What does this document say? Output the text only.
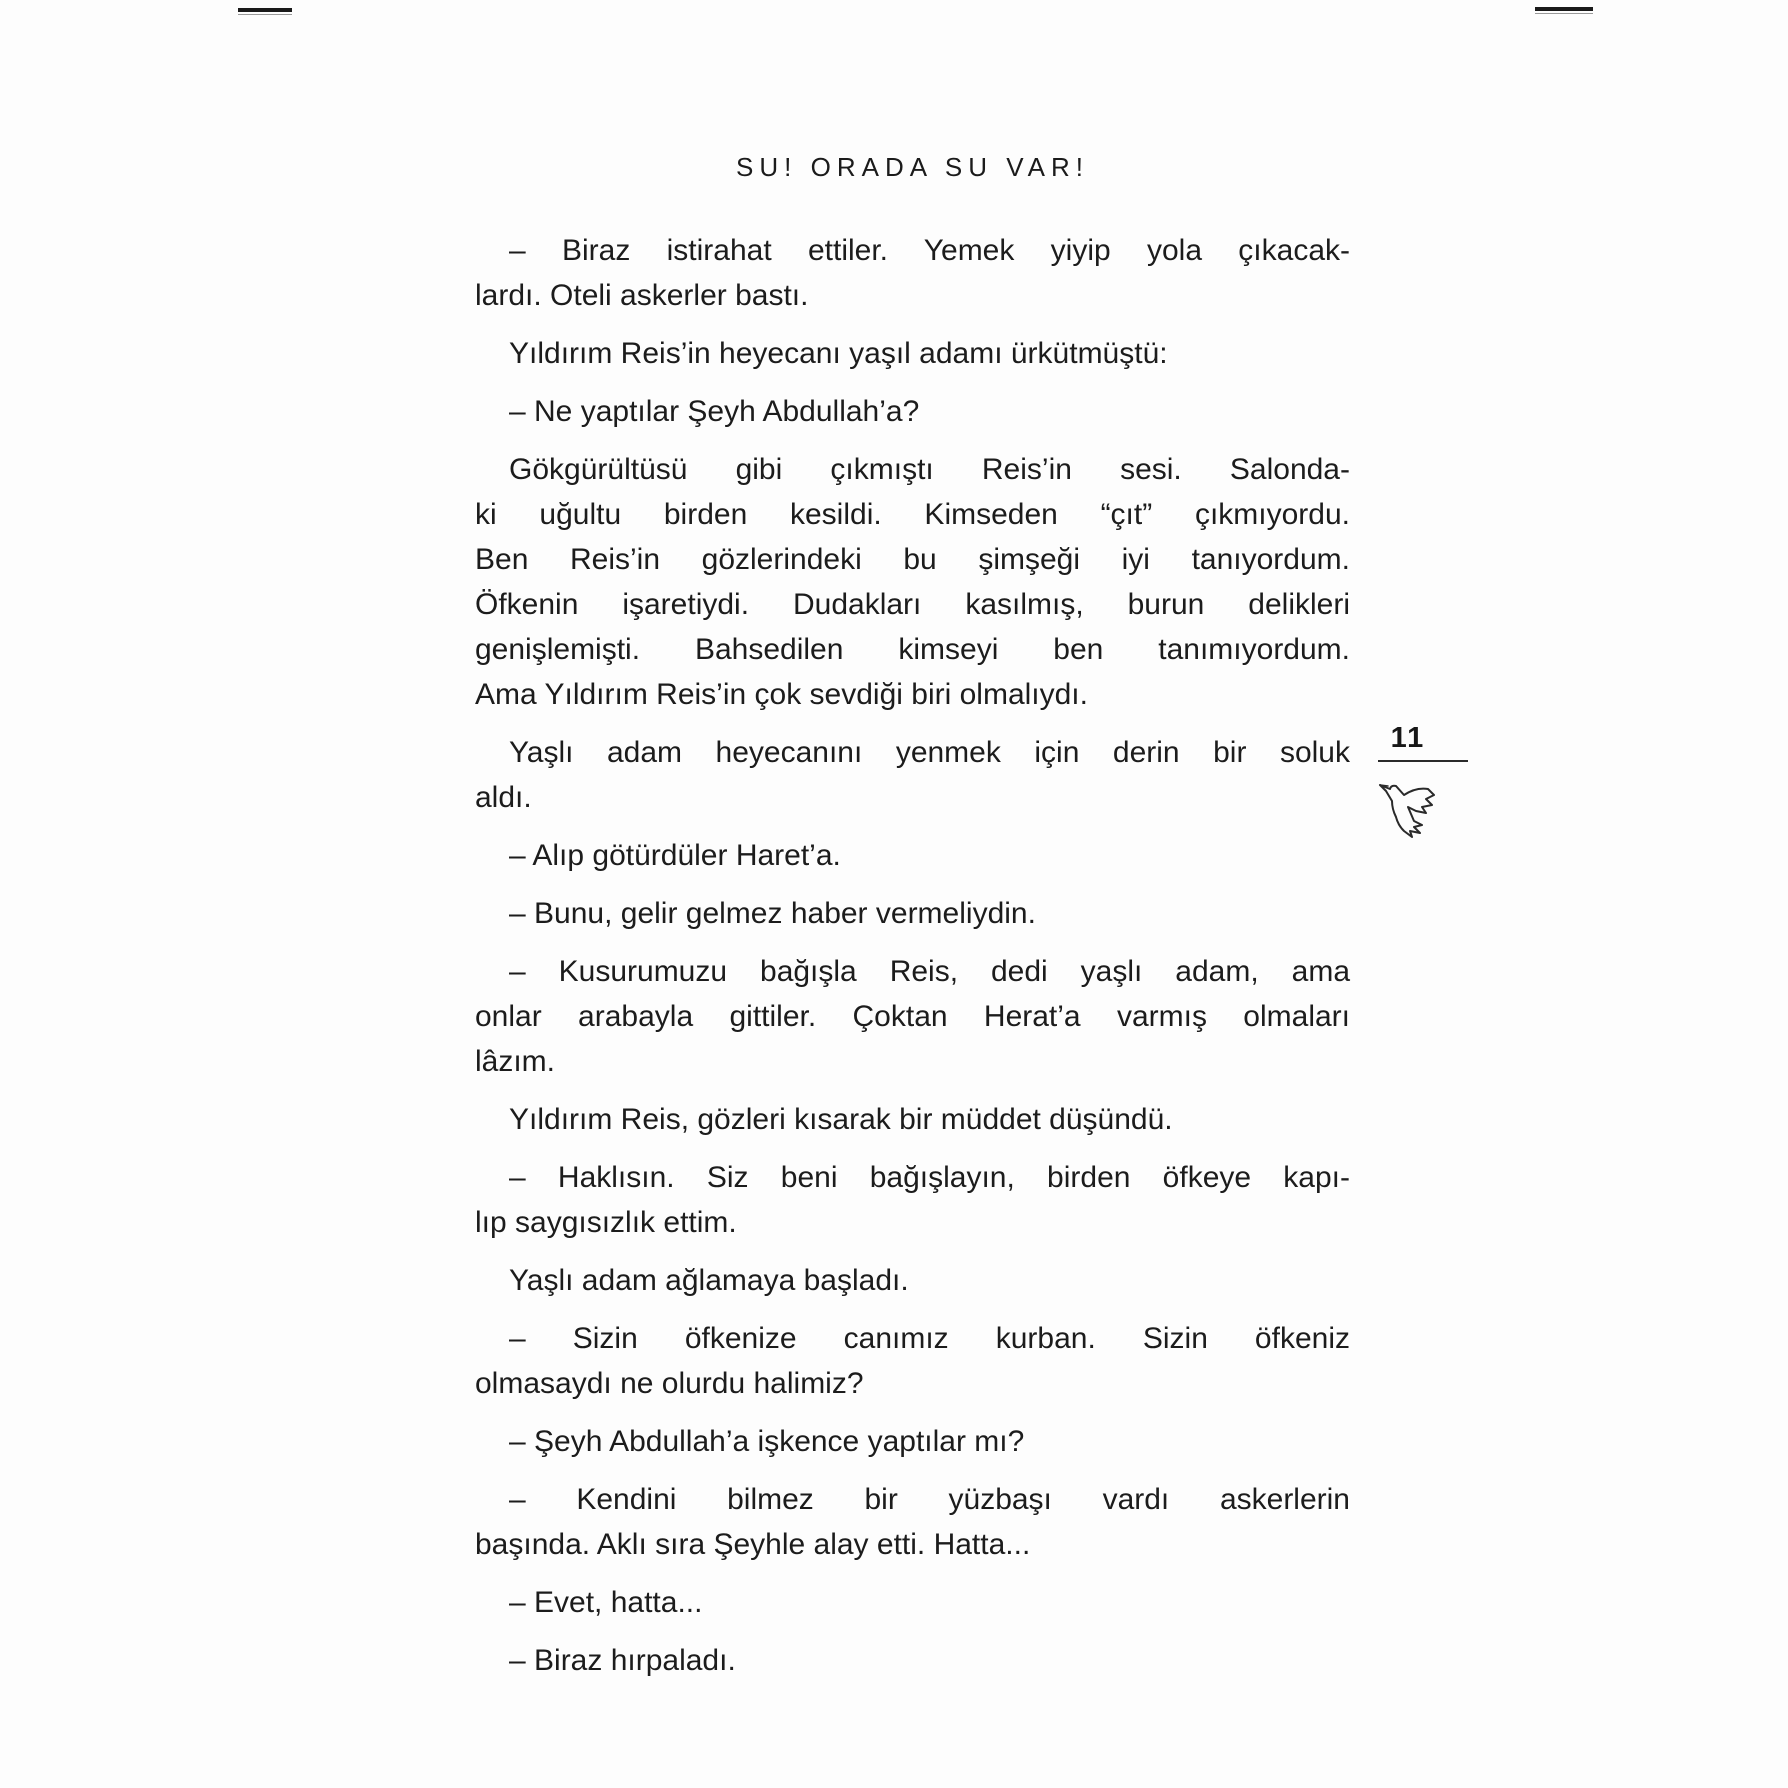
SU! ORADA SU VAR!
– Biraz istirahat ettiler. Yemek yiyip yola çıkacak-
lardı. Oteli askerler bastı.
Yıldırım Reis’in heyecanı yaşıl adamı ürkütmüştü:
– Ne yaptılar Şeyh Abdullah’a?
Gökgürültüsü gibi çıkmıştı Reis’in sesi. Salonda-
ki uğultu birden kesildi. Kimseden “çıt” çıkmıyordu.
Ben Reis’in gözlerindeki bu şimşeği iyi tanıyordum.
Öfkenin işaretiydi. Dudakları kasılmış, burun delikleri
genişlemişti. Bahsedilen kimseyi ben tanımıyordum.
Ama Yıldırım Reis’in çok sevdiği biri olmalıydı.
Yaşlı adam heyecanını yenmek için derin bir soluk
aldı.
– Alıp götürdüler Haret’a.
– Bunu, gelir gelmez haber vermeliydin.
– Kusurumuzu bağışla Reis, dedi yaşlı adam, ama
onlar arabayla gittiler. Çoktan Herat’a varmış olmaları
lâzım.
Yıldırım Reis, gözleri kısarak bir müddet düşündü.
– Haklısın. Siz beni bağışlayın, birden öfkeye kapı-
lıp saygısızlık ettim.
Yaşlı adam ağlamaya başladı.
– Sizin öfkenize canımız kurban. Sizin öfkeniz
olmasaydı ne olurdu halimiz?
– Şeyh Abdullah’a işkence yaptılar mı?
– Kendini bilmez bir yüzbaşı vardı askerlerin
başında. Aklı sıra Şeyhle alay etti. Hatta...
– Evet, hatta...
– Biraz hırpaladı.
11
